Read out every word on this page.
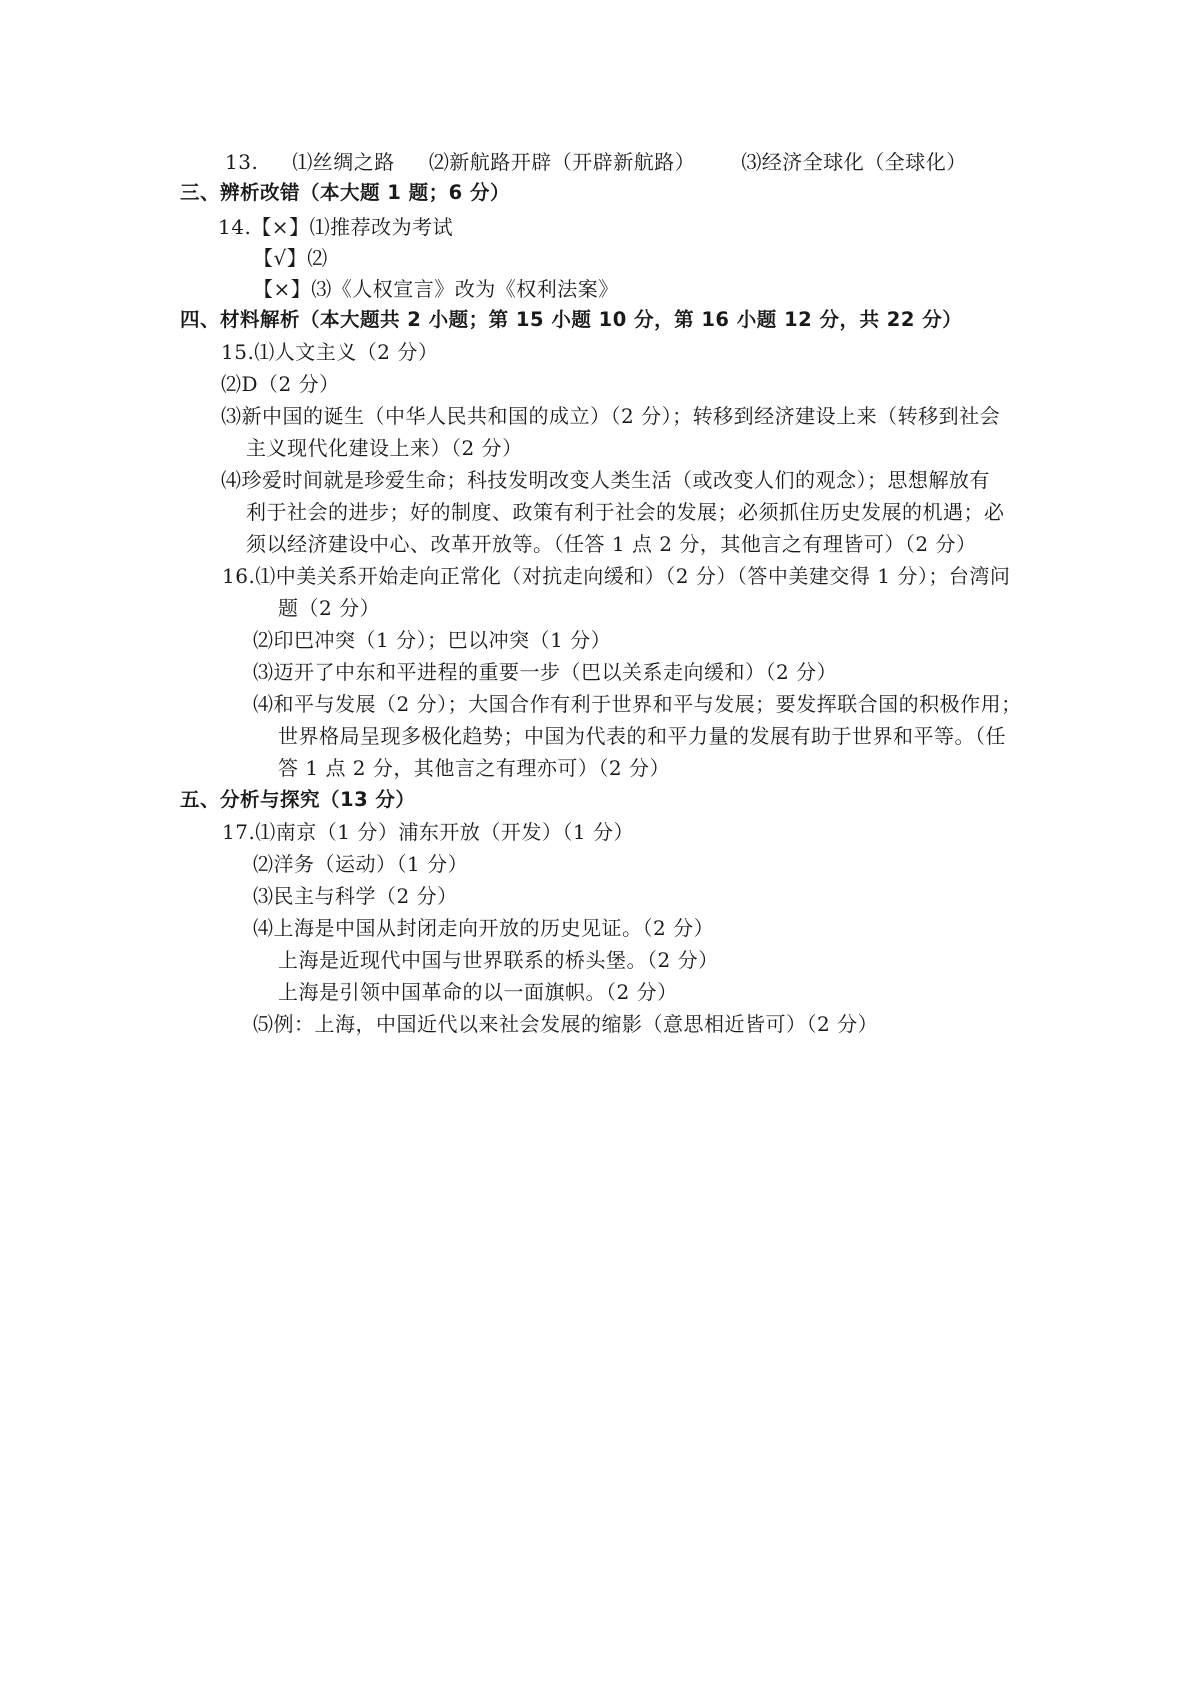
13. ⑴丝绸之路 ⑵新航路开辟（开辟新航路） ⑶经济全球化（全球化）
三、辨析改错（本大题 1 题；6 分）
14.【×】⑴推荐改为考试
【√】⑵
【×】⑶《人权宣言》改为《权利法案》
四、材料解析（本大题共 2 小题；第 15 小题 10 分，第 16 小题 12 分，共 22 分）
15.⑴人文主义（2 分）
⑵D（2 分）
⑶新中国的诞生（中华人民共和国的成立）（2 分）；转移到经济建设上来（转移到社会
主义现代化建设上来）（2 分）
⑷珍爱时间就是珍爱生命；科技发明改变人类生活（或改变人们的观念）；思想解放有
利于社会的进步；好的制度、政策有利于社会的发展；必须抓住历史发展的机遇；必
须以经济建设中心、改革开放等。（任答 1 点 2 分，其他言之有理皆可）（2 分）
16.⑴中美关系开始走向正常化（对抗走向缓和）（2 分）（答中美建交得 1 分）；台湾问
题（2 分）
⑵印巴冲突（1 分）；巴以冲突（1 分）
⑶迈开了中东和平进程的重要一步（巴以关系走向缓和）（2 分）
⑷和平与发展（2 分）；大国合作有利于世界和平与发展；要发挥联合国的积极作用；
世界格局呈现多极化趋势；中国为代表的和平力量的发展有助于世界和平等。（任
答 1 点 2 分，其他言之有理亦可）（2 分）
五、分析与探究（13 分）
17.⑴南京（1 分）浦东开放（开发）（1 分）
⑵洋务（运动）（1 分）
⑶民主与科学（2 分）
⑷上海是中国从封闭走向开放的历史见证。（2 分）
上海是近现代中国与世界联系的桥头堡。（2 分）
上海是引领中国革命的以一面旗帜。（2 分）
⑸例：上海，中国近代以来社会发展的缩影（意思相近皆可）（2 分）
